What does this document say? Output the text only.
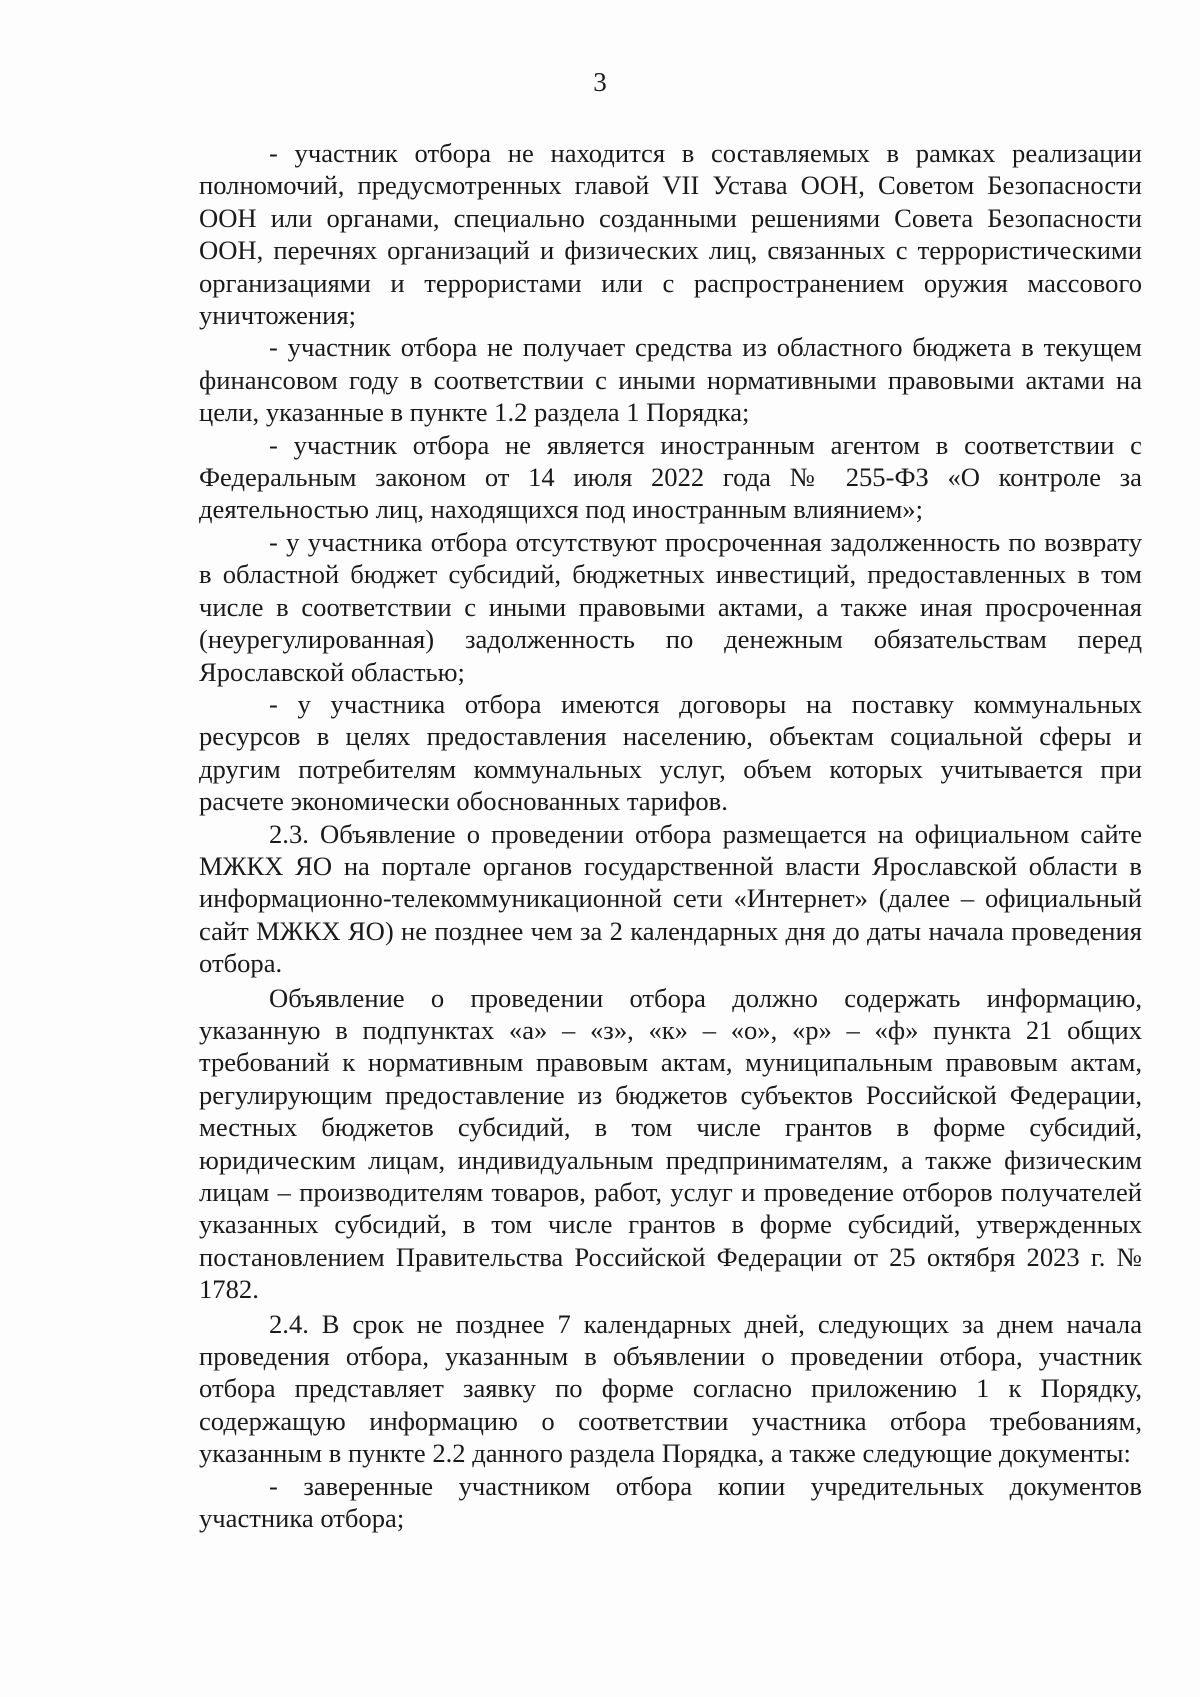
3

- участник отбора не находится в составляемых в рамках реализации полномочий, предусмотренных главой VII Устава ООН, Советом Безопасности ООН или органами, специально созданными решениями Совета Безопасности ООН, перечнях организаций и физических лиц, связанных с террористическими организациями и террористами или с распространением оружия массового уничтожения;

- участник отбора не получает средства из областного бюджета в текущем финансовом году в соответствии с иными нормативными правовыми актами на цели, указанные в пункте 1.2 раздела 1 Порядка;

- участник отбора не является иностранным агентом в соответствии с Федеральным законом от 14 июля 2022 года № 255-ФЗ «О контроле за деятельностью лиц, находящихся под иностранным влиянием»;

- у участника отбора отсутствуют просроченная задолженность по возврату в областной бюджет субсидий, бюджетных инвестиций, предоставленных в том числе в соответствии с иными правовыми актами, а также иная просроченная (неурегулированная) задолженность по денежным обязательствам перед Ярославской областью;

- у участника отбора имеются договоры на поставку коммунальных ресурсов в целях предоставления населению, объектам социальной сферы и другим потребителям коммунальных услуг, объем которых учитывается при расчете экономически обоснованных тарифов.

2.3. Объявление о проведении отбора размещается на официальном сайте МЖКХ ЯО на портале органов государственной власти Ярославской области в информационно-телекоммуникационной сети «Интернет» (далее – официальный сайт МЖКХ ЯО) не позднее чем за 2 календарных дня до даты начала проведения отбора.

Объявление о проведении отбора должно содержать информацию, указанную в подпунктах «а» – «з», «к» – «о», «р» – «ф» пункта 21 общих требований к нормативным правовым актам, муниципальным правовым актам, регулирующим предоставление из бюджетов субъектов Российской Федерации, местных бюджетов субсидий, в том числе грантов в форме субсидий, юридическим лицам, индивидуальным предпринимателям, а также физическим лицам – производителям товаров, работ, услуг и проведение отборов получателей указанных субсидий, в том числе грантов в форме субсидий, утвержденных постановлением Правительства Российской Федерации от 25 октября 2023 г. № 1782.

2.4. В срок не позднее 7 календарных дней, следующих за днем начала проведения отбора, указанным в объявлении о проведении отбора, участник отбора представляет заявку по форме согласно приложению 1 к Порядку, содержащую информацию о соответствии участника отбора требованиям, указанным в пункте 2.2 данного раздела Порядка, а также следующие документы:

- заверенные участником отбора копии учредительных документов участника отбора;
